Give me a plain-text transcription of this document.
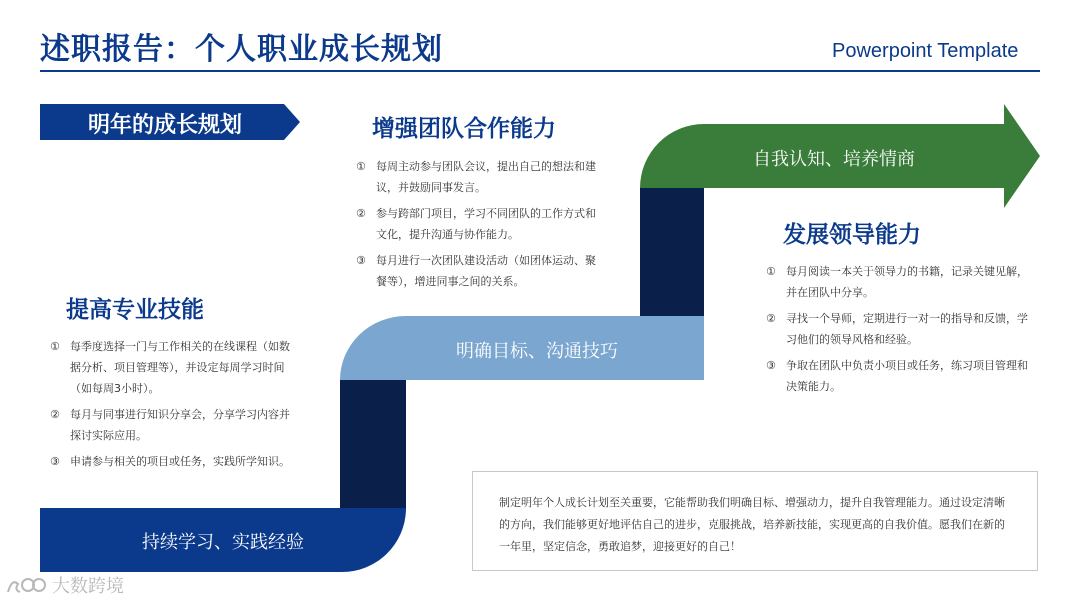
述职报告：个人职业成长规划	Powerpoint Template
明年的成长规划
持续学习、实践经验
明确目标、沟通技巧
自我认知、培养情商
提高专业技能
① 每季度选择一门与工作相关的在线课程（如数据分析、项目管理等），并设定每周学习时间（如每周3小时）。
② 每月与同事进行知识分享会，分享学习内容并探讨实际应用。
③ 申请参与相关的项目或任务，实践所学知识。
增强团队合作能力
① 每周主动参与团队会议，提出自己的想法和建议，并鼓励同事发言。
② 参与跨部门项目，学习不同团队的工作方式和文化，提升沟通与协作能力。
③ 每月进行一次团队建设活动（如团体运动、聚餐等），增进同事之间的关系。
发展领导能力
① 每月阅读一本关于领导力的书籍，记录关键见解，并在团队中分享。
② 寻找一个导师，定期进行一对一的指导和反馈，学习他们的领导风格和经验。
③ 争取在团队中负责小项目或任务，练习项目管理和决策能力。

制定明年个人成长计划至关重要，它能帮助我们明确目标、增强动力，提升自我管理能力。通过设定清晰的方向，我们能够更好地评估自己的进步，克服挑战，培养新技能，实现更高的自我价值。愿我们在新的一年里，坚定信念，勇敢追梦，迎接更好的自己！

大数跨境
